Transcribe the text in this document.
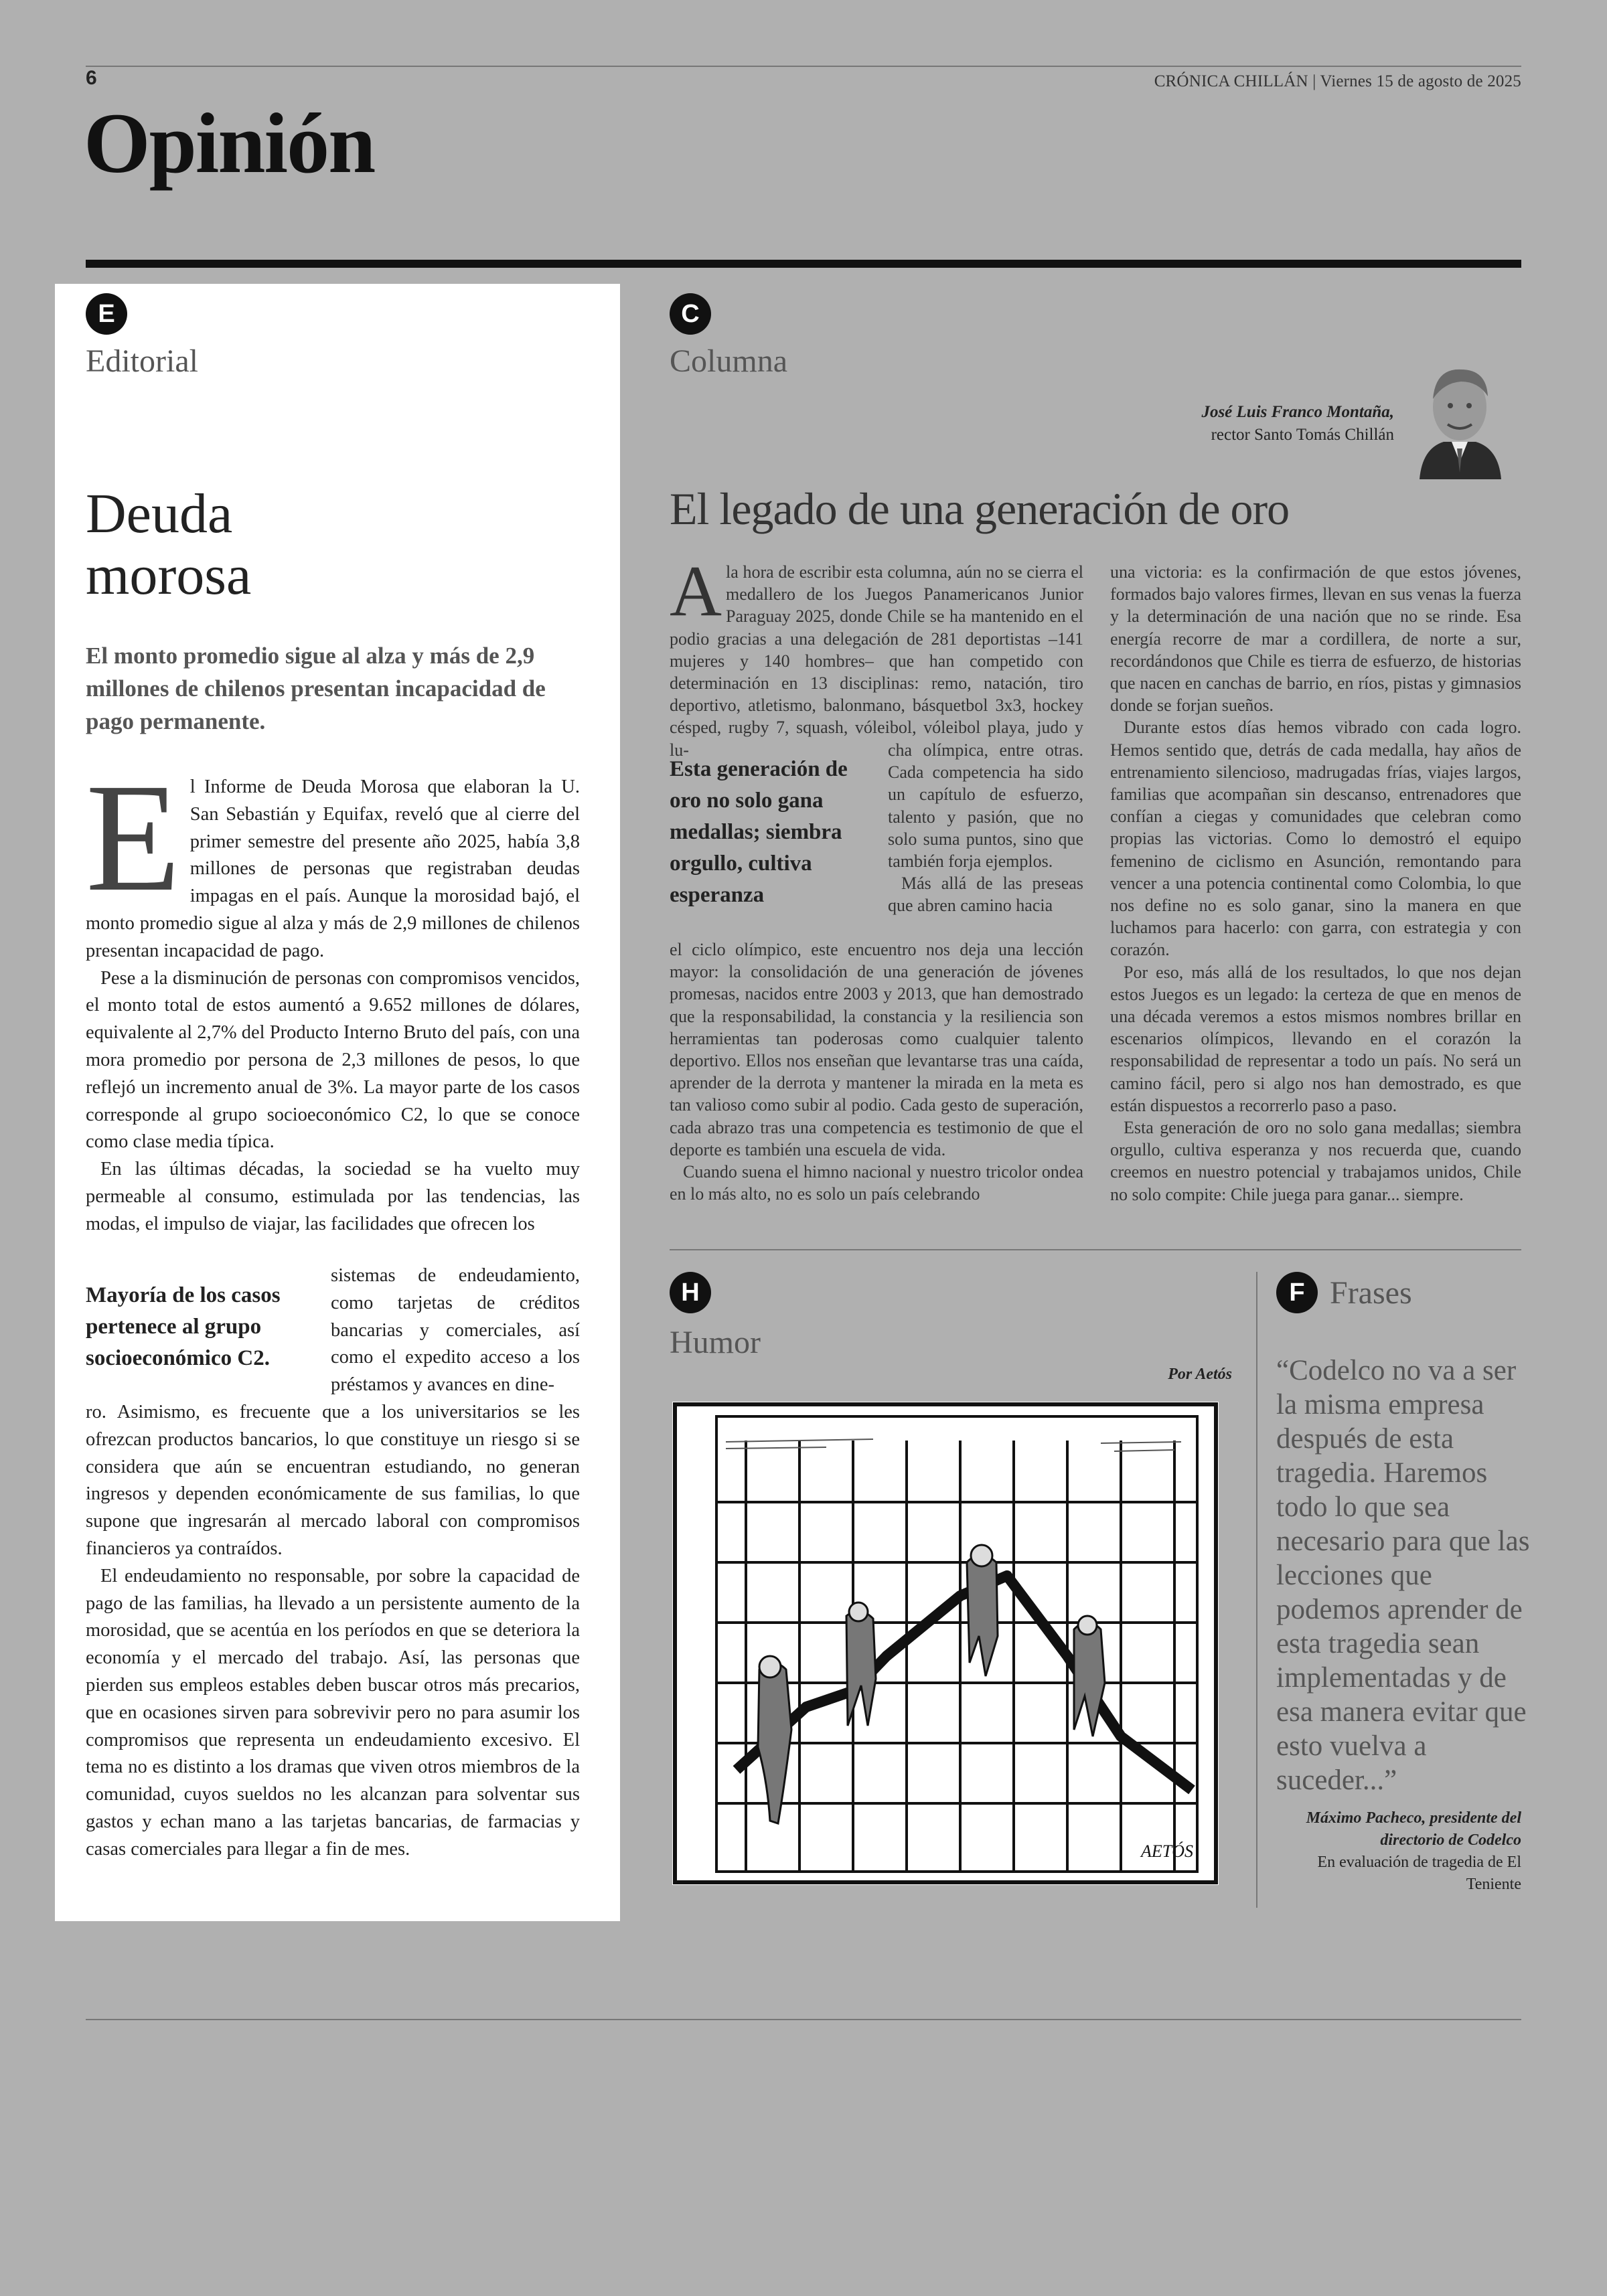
6	CRÓNICA CHILLÁN | Viernes 15 de agosto de 2025
Opinión
E
Editorial
Deuda
morosa
El monto promedio sigue al alza y más de 2,9 millones de chilenos presentan incapacidad de pago permanente.

El Informe de Deuda Morosa que elaboran la U. San Sebastián y Equifax, reveló que al cierre del primer semestre del presente año 2025, había 3,8 millones de personas que registraban deudas impagas en el país. Aunque la morosidad bajó, el monto promedio sigue al alza y más de 2,9 millones de chilenos presentan incapacidad de pago.

Pese a la disminución de personas con compromisos vencidos, el monto total de estos aumentó a 9.652 millones de dólares, equivalente al 2,7% del Producto Interno Bruto del país, con una mora promedio por persona de 2,3 millones de pesos, lo que reflejó un incremento anual de 3%. La mayor parte de los casos corresponde al grupo socioeconómico C2, lo que se conoce como clase media típica.

En las últimas décadas, la sociedad se ha vuelto muy permeable al consumo, estimulada por las tendencias, las modas, el impulso de viajar, las facilidades que ofrecen los

Mayoría de los casos pertenece al grupo socioeconómico C2.

sistemas de endeudamiento, como tarjetas de créditos bancarias y comerciales, así como el expedito acceso a los préstamos y avances en dine-

ro. Asimismo, es frecuente que a los universitarios se les ofrezcan productos bancarios, lo que constituye un riesgo si se considera que aún se encuentran estudiando, no generan ingresos y dependen económicamente de sus familias, lo que supone que ingresarán al mercado laboral con compromisos financieros ya contraídos.

El endeudamiento no responsable, por sobre la capacidad de pago de las familias, ha llevado a un persistente aumento de la morosidad, que se acentúa en los períodos en que se deteriora la economía y el mercado del trabajo. Así, las personas que pierden sus empleos estables deben buscar otros más precarios, que en ocasiones sirven para sobrevivir pero no para asumir los compromisos que representa un endeudamiento excesivo. El tema no es distinto a los dramas que viven otros miembros de la comunidad, cuyos sueldos no les alcanzan para solventar sus gastos y echan mano a las tarjetas bancarias, de farmacias y casas comerciales para llegar a fin de mes.

C
Columna
José Luis Franco Montaña,
rector Santo Tomás Chillán
El legado de una generación de oro

Ala hora de escribir esta columna, aún no se cierra el medallero de los Juegos Panamericanos Junior Paraguay 2025, donde Chile se ha mantenido en el podio gracias a una delegación de 281 deportistas –141 mujeres y 140 hombres– que han competido con determinación en 13 disciplinas: remo, natación, tiro deportivo, atletismo, balonmano, básquetbol 3x3, hockey césped, rugby 7, squash, vóleibol, vóleibol playa, judo y lu-

Esta generación de oro no solo gana medallas; siembra orgullo, cultiva esperanza

cha olímpica, entre otras. Cada competencia ha sido un capítulo de esfuerzo, talento y pasión, que no solo suma puntos, sino que también forja ejemplos.

Más allá de las preseas que abren camino hacia

el ciclo olímpico, este encuentro nos deja una lección mayor: la consolidación de una generación de jóvenes promesas, nacidos entre 2003 y 2013, que han demostrado que la responsabilidad, la constancia y la resiliencia son herramientas tan poderosas como cualquier talento deportivo. Ellos nos enseñan que levantarse tras una caída, aprender de la derrota y mantener la mirada en la meta es tan valioso como subir al podio. Cada gesto de superación, cada abrazo tras una competencia es testimonio de que el deporte es también una escuela de vida.

Cuando suena el himno nacional y nuestro tricolor ondea en lo más alto, no es solo un país celebrando

una victoria: es la confirmación de que estos jóvenes, formados bajo valores firmes, llevan en sus venas la fuerza y la determinación de una nación que no se rinde. Esa energía recorre de mar a cordillera, de norte a sur, recordándonos que Chile es tierra de esfuerzo, de historias que nacen en canchas de barrio, en ríos, pistas y gimnasios donde se forjan sueños.

Durante estos días hemos vibrado con cada logro. Hemos sentido que, detrás de cada medalla, hay años de entrenamiento silencioso, madrugadas frías, viajes largos, familias que acompañan sin descanso, entrenadores que confían a ciegas y comunidades que celebran como propias las victorias. Como lo demostró el equipo femenino de ciclismo en Asunción, remontando para vencer a una potencia continental como Colombia, lo que nos define no es solo ganar, sino la manera en que luchamos para hacerlo: con garra, con estrategia y con corazón.

Por eso, más allá de los resultados, lo que nos dejan estos Juegos es un legado: la certeza de que en menos de una década veremos a estos mismos nombres brillar en escenarios olímpicos, llevando en el corazón la responsabilidad de representar a todo un país. No será un camino fácil, pero si algo nos han demostrado, es que están dispuestos a recorrerlo paso a paso.

Esta generación de oro no solo gana medallas; siembra orgullo, cultiva esperanza y nos recuerda que, cuando creemos en nuestro potencial y trabajamos unidos, Chile no solo compite: Chile juega para ganar... siempre.

H
Humor
Por Aetós
AETÓS
F Frases
“Codelco no va a ser la misma empresa después de esta tragedia. Haremos todo lo que sea necesario para que las lecciones que podemos aprender de esta tragedia sean implementadas y de esa manera evitar que esto vuelva a suceder...”
Máximo Pacheco, presidente del directorio de Codelco
En evaluación de tragedia de El Teniente
